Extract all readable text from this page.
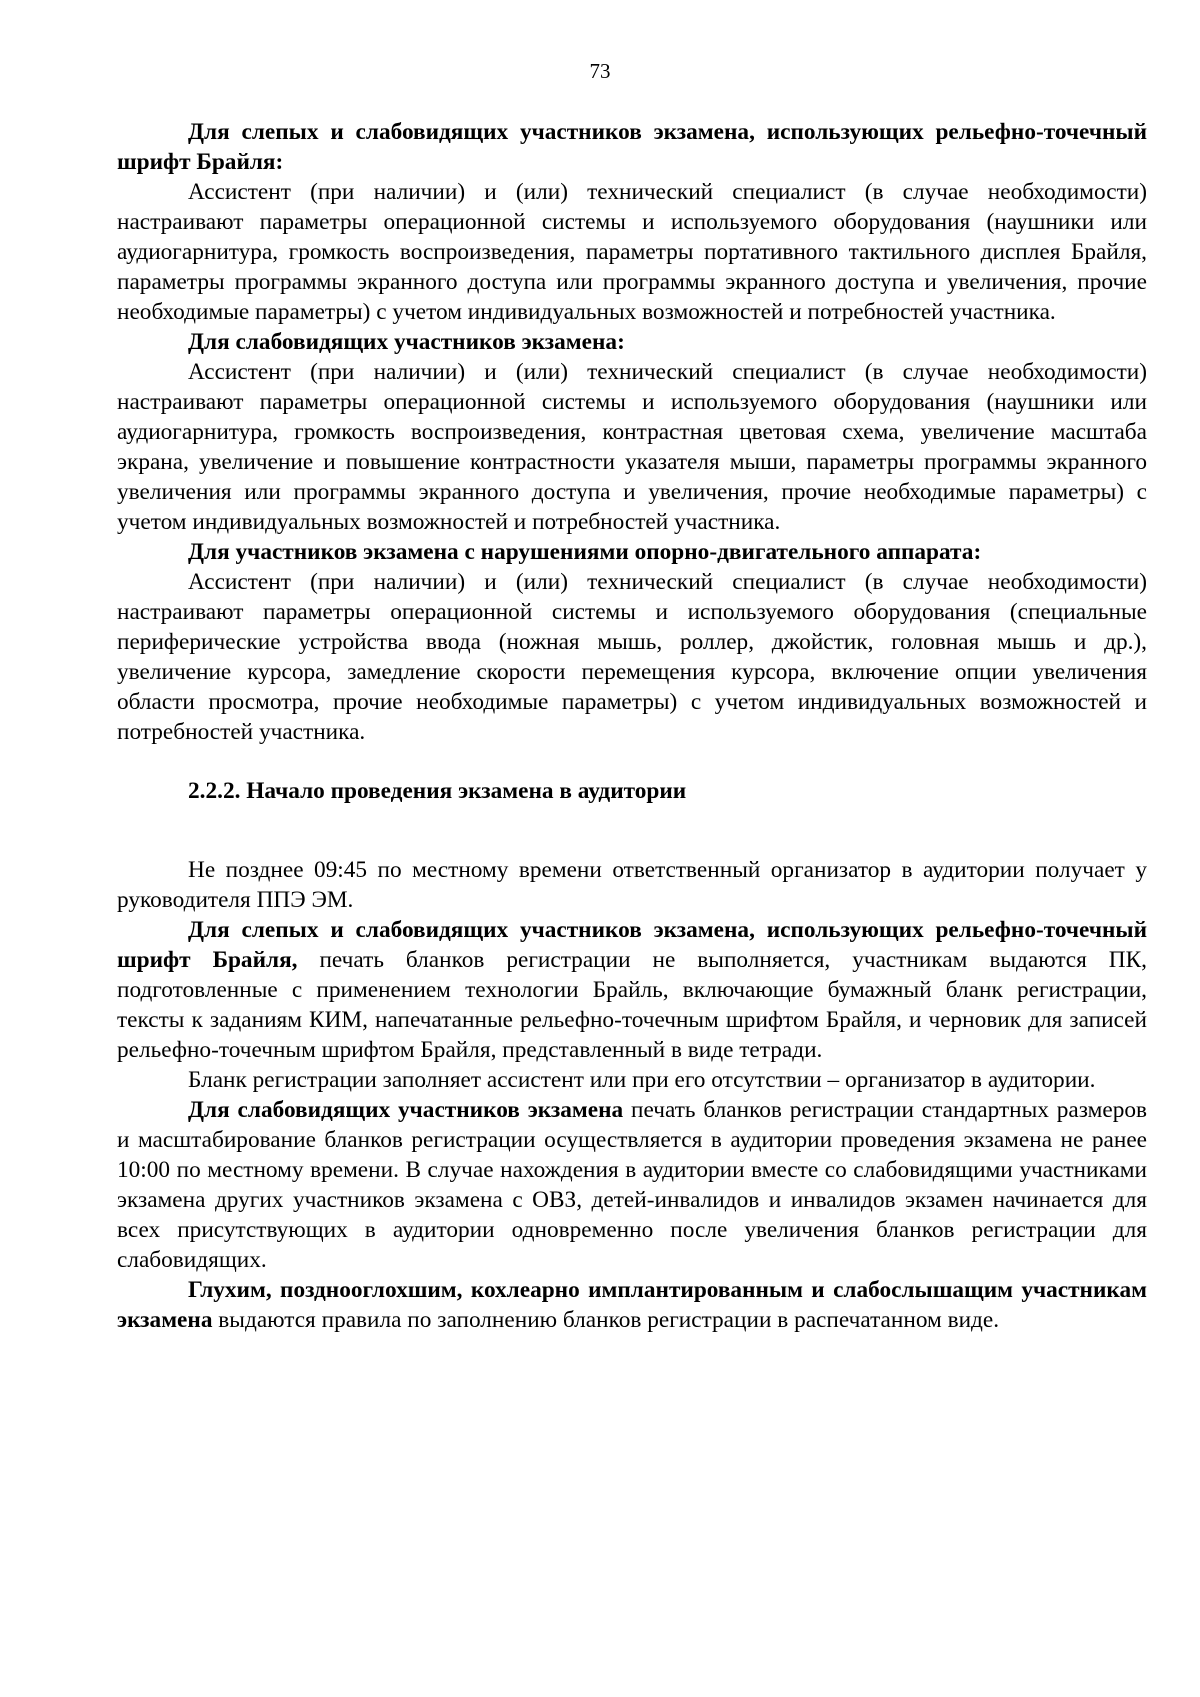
73

Для слепых и слабовидящих участников экзамена, использующих рельефно-точечный шрифт Брайля:

Ассистент (при наличии) и (или) технический специалист (в случае необходимости) настраивают параметры операционной системы и используемого оборудования (наушники или аудиогарнитура, громкость воспроизведения, параметры портативного тактильного дисплея Брайля, параметры программы экранного доступа или программы экранного доступа и увеличения, прочие необходимые параметры) с учетом индивидуальных возможностей и потребностей участника.

Для слабовидящих участников экзамена:

Ассистент (при наличии) и (или) технический специалист (в случае необходимости) настраивают параметры операционной системы и используемого оборудования (наушники или аудиогарнитура, громкость воспроизведения, контрастная цветовая схема, увеличение масштаба экрана, увеличение и повышение контрастности указателя мыши, параметры программы экранного увеличения или программы экранного доступа и увеличения, прочие необходимые параметры) с учетом индивидуальных возможностей и потребностей участника.

Для участников экзамена с нарушениями опорно-двигательного аппарата:

Ассистент (при наличии) и (или) технический специалист (в случае необходимости) настраивают параметры операционной системы и используемого оборудования (специальные периферические устройства ввода (ножная мышь, роллер, джойстик, головная мышь и др.), увеличение курсора, замедление скорости перемещения курсора, включение опции увеличения области просмотра, прочие необходимые параметры) с учетом индивидуальных возможностей и потребностей участника.

2.2.2. Начало проведения экзамена в аудитории

Не позднее 09:45 по местному времени ответственный организатор в аудитории получает у руководителя ППЭ ЭМ.

Для слепых и слабовидящих участников экзамена, использующих рельефно-точечный шрифт Брайля, печать бланков регистрации не выполняется, участникам выдаются ПК, подготовленные с применением технологии Брайль, включающие бумажный бланк регистрации, тексты к заданиям КИМ, напечатанные рельефно-точечным шрифтом Брайля, и черновик для записей рельефно-точечным шрифтом Брайля, представленный в виде тетради.

Бланк регистрации заполняет ассистент или при его отсутствии – организатор в аудитории.

Для слабовидящих участников экзамена печать бланков регистрации стандартных размеров и масштабирование бланков регистрации осуществляется в аудитории проведения экзамена не ранее 10:00 по местному времени. В случае нахождения в аудитории вместе со слабовидящими участниками экзамена других участников экзамена с ОВЗ, детей-инвалидов и инвалидов экзамен начинается для всех присутствующих в аудитории одновременно после увеличения бланков регистрации для слабовидящих.

Глухим, позднооглохшим, кохлеарно имплантированным и слабослышащим участникам экзамена выдаются правила по заполнению бланков регистрации в распечатанном виде.
